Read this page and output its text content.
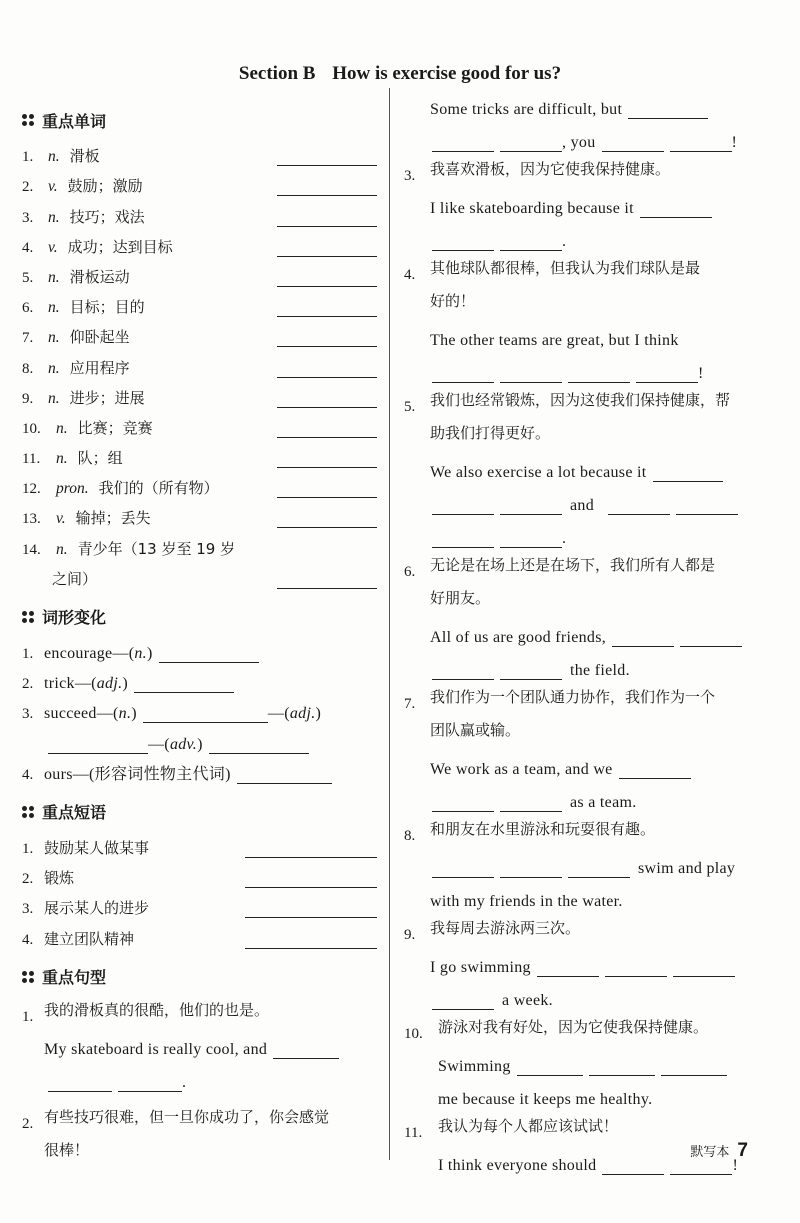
Section B How is exercise good for us?
重点单词
1. n. 滑板
2. v. 鼓励；激励
3. n. 技巧；戏法
4. v. 成功；达到目标
5. n. 滑板运动
6. n. 目标；目的
7. n. 仰卧起坐
8. n. 应用程序
9. n. 进步；进展
10. n. 比赛；竞赛
11.	n. 队；组
12. pron. 我们的（所有物）
13. v. 输掉；丢失
14. n. 青少年（13 岁至 19 岁
之间）
词形变化
1. encourage—( n. )
2. trick—( adj. )
3. succeed—( n. )	—( adj. )
—( adv. )
4. ours—(形容词性物主代词)
重点短语
1. 鼓励某人做某事
2. 锻炼
3. 展示某人的进步
4. 建立团队精神
重点句型
1. 我的滑板真的很酷，他们的也是。
My skateboard is really cool, and
.
2. 有些技巧很难，但一旦你成功了，你会感觉
很棒！
Some tricks are difficult, but
, you	!
3. 我喜欢滑板，因为它使我保持健康。
I like skateboarding because it
.
4. 其他球队都很棒，但我认为我们球队是最
好的！
The other teams are great, but I think
!
5. 我们也经常锻炼，因为这使我们保持健康，帮
助我们打得更好。
We also exercise a lot because it
and
.
6. 无论是在场上还是在场下，我们所有人都是
好朋友。
All of us are good friends,
the field.
7. 我们作为一个团队通力协作，我们作为一个
团队赢或输。
We work as a team, and we
as a team.
8. 和朋友在水里游泳和玩耍很有趣。
swim and play
with my friends in the water.
9. 我每周去游泳两三次。
I go swimming
a week.
10.	游泳对我有好处，因为它使我保持健康。
Swimming
me because it keeps me healthy.
11.	我认为每个人都应该试试！
I think everyone should	!
默写本 7
